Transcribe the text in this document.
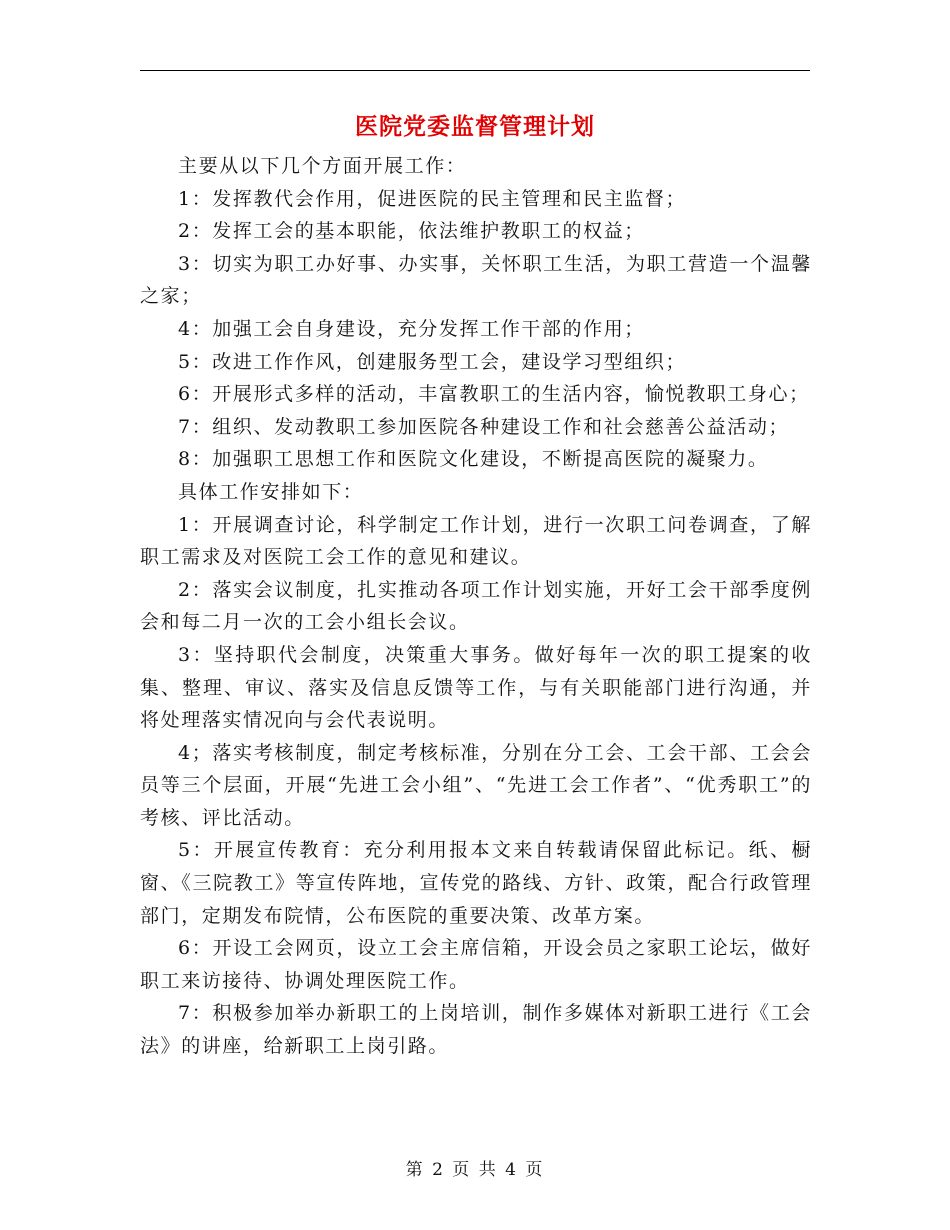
医院党委监督管理计划

主要从以下几个方面开展工作：

1：发挥教代会作用，促进医院的民主管理和民主监督；

2：发挥工会的基本职能，依法维护教职工的权益；

3：切实为职工办好事、办实事，关怀职工生活，为职工营造一个温馨之家；

4：加强工会自身建设，充分发挥工作干部的作用；

5：改进工作作风，创建服务型工会，建设学习型组织；

6：开展形式多样的活动，丰富教职工的生活内容，愉悦教职工身心；

7：组织、发动教职工参加医院各种建设工作和社会慈善公益活动；

8：加强职工思想工作和医院文化建设，不断提高医院的凝聚力。

具体工作安排如下：

1：开展调查讨论，科学制定工作计划，进行一次职工问卷调查，了解职工需求及对医院工会工作的意见和建议。

2：落实会议制度，扎实推动各项工作计划实施，开好工会干部季度例会和每二月一次的工会小组长会议。

3：坚持职代会制度，决策重大事务。做好每年一次的职工提案的收集、整理、审议、落实及信息反馈等工作，与有关职能部门进行沟通，并将处理落实情况向与会代表说明。

4；落实考核制度，制定考核标准，分别在分工会、工会干部、工会会员等三个层面，开展“先进工会小组”、“先进工会工作者”、“优秀职工”的考核、评比活动。

5：开展宣传教育：充分利用报本文来自转载请保留此标记。纸、橱窗、《三院教工》等宣传阵地，宣传党的路线、方针、政策，配合行政管理部门，定期发布院情，公布医院的重要决策、改革方案。

6：开设工会网页，设立工会主席信箱，开设会员之家职工论坛，做好职工来访接待、协调处理医院工作。

7：积极参加举办新职工的上岗培训，制作多媒体对新职工进行《工会法》的讲座，给新职工上岗引路。

第 2 页 共 4 页
